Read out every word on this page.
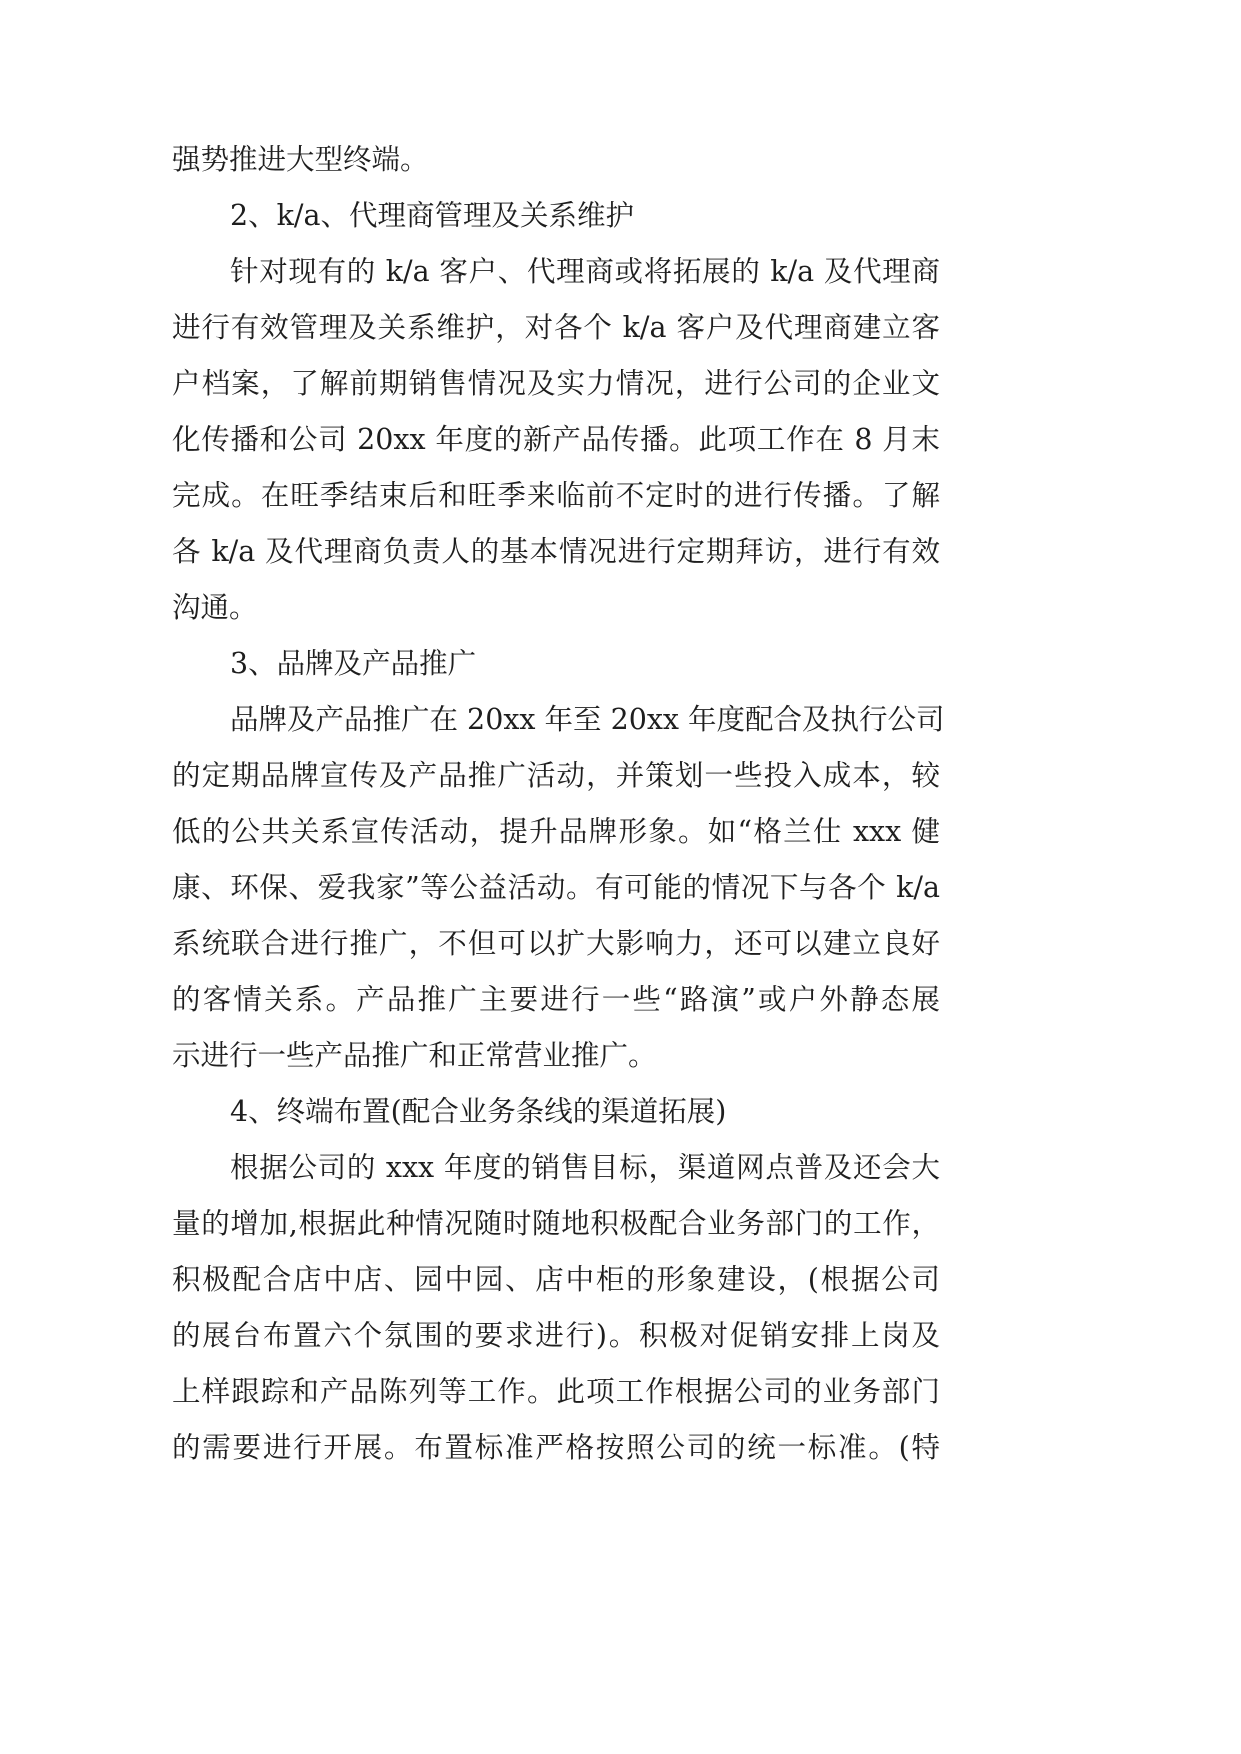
强势推进大型终端。
2、k/a、代理商管理及关系维护
针对现有的 k/a 客户、代理商或将拓展的 k/a 及代理商
进行有效管理及关系维护，对各个 k/a 客户及代理商建立客
户档案，了解前期销售情况及实力情况，进行公司的企业文
化传播和公司 20xx 年度的新产品传播。此项工作在 8 月末
完成。在旺季结束后和旺季来临前不定时的进行传播。了解
各 k/a 及代理商负责人的基本情况进行定期拜访，进行有效
沟通。
3、品牌及产品推广
品牌及产品推广在 20xx 年至 20xx 年度配合及执行公司
的定期品牌宣传及产品推广活动，并策划一些投入成本，较
低的公共关系宣传活动，提升品牌形象。如“格兰仕 xxx 健
康、环保、爱我家”等公益活动。有可能的情况下与各个 k/a
系统联合进行推广，不但可以扩大影响力，还可以建立良好
的客情关系。产品推广主要进行一些“路演”或户外静态展
示进行一些产品推广和正常营业推广。
4、终端布置(配合业务条线的渠道拓展)
根据公司的 xxx 年度的销售目标，渠道网点普及还会大
量的增加,根据此种情况随时随地积极配合业务部门的工作，
积极配合店中店、园中园、店中柜的形象建设，(根据公司
的展台布置六个氛围的要求进行)。积极对促销安排上岗及
上样跟踪和产品陈列等工作。此项工作根据公司的业务部门
的需要进行开展。布置标准严格按照公司的统一标准。(特
